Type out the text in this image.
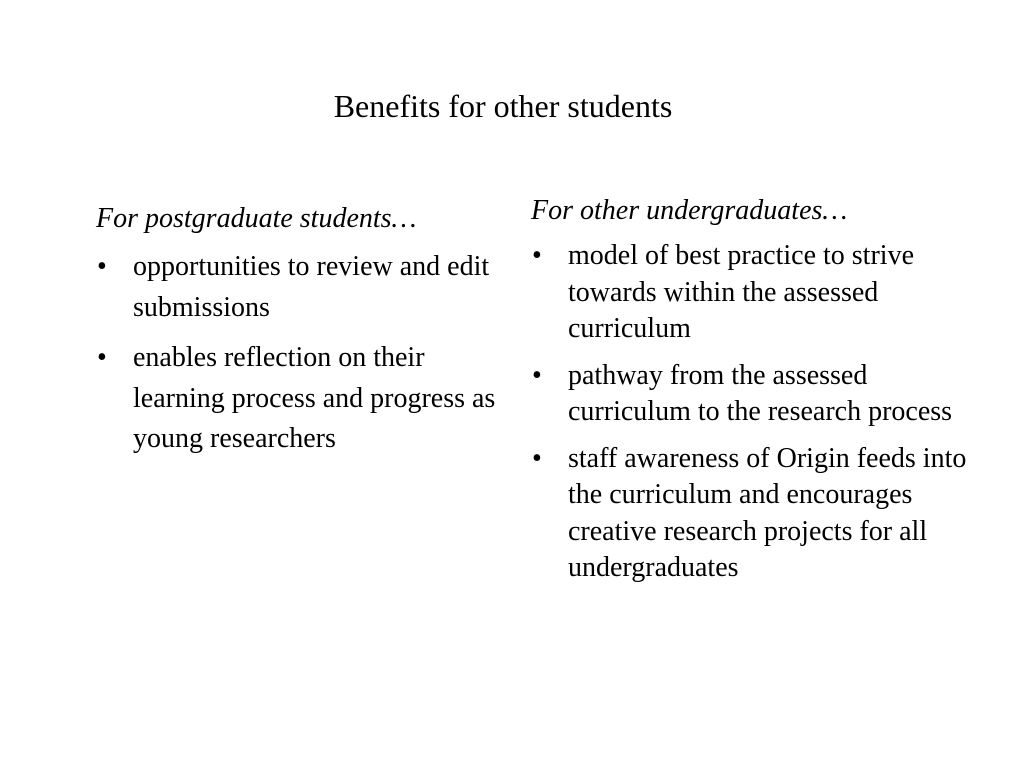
Benefits for other students

For postgraduate students…

• opportunities to review and edit submissions
• enables reflection on their learning process and progress as young researchers

For other undergraduates…

• model of best practice to strive towards within the assessed curriculum
• pathway from the assessed curriculum to the research process
• staff awareness of Origin feeds into the curriculum and encourages creative research projects for all undergraduates
